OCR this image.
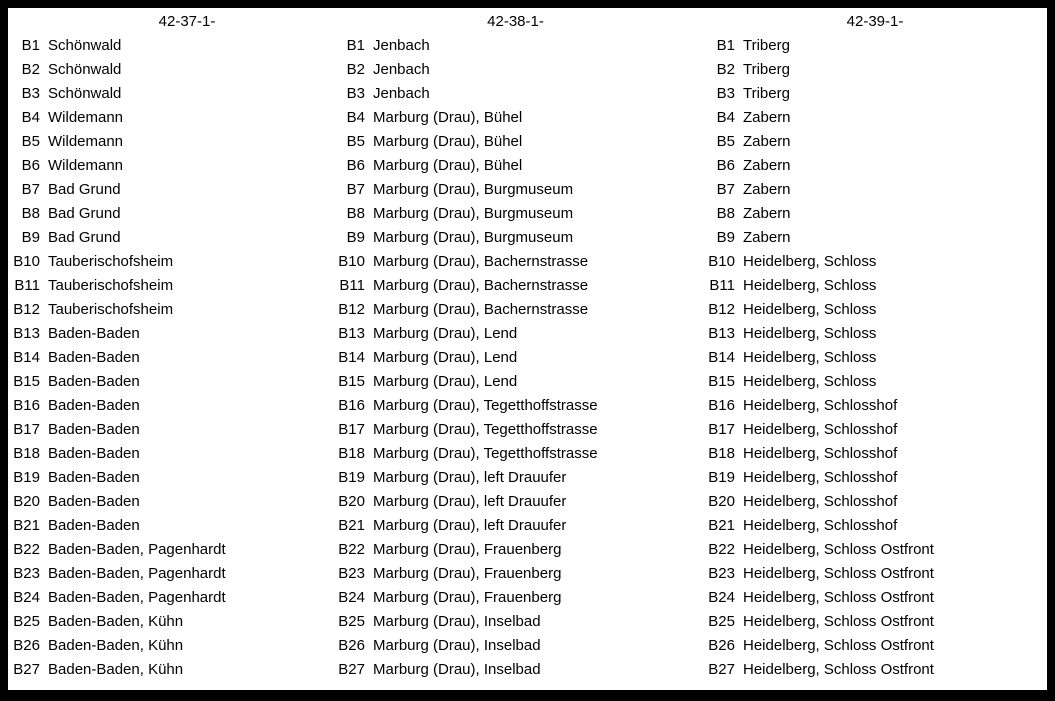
42-37-1-
B1 Schönwald
B2 Schönwald
B3 Schönwald
B4 Wildemann
B5 Wildemann
B6 Wildemann
B7 Bad Grund
B8 Bad Grund
B9 Bad Grund
B10 Tauberischofsheim
B11 Tauberischofsheim
B12 Tauberischofsheim
B13 Baden-Baden
B14 Baden-Baden
B15 Baden-Baden
B16 Baden-Baden
B17 Baden-Baden
B18 Baden-Baden
B19 Baden-Baden
B20 Baden-Baden
B21 Baden-Baden
B22 Baden-Baden, Pagenhardt
B23 Baden-Baden, Pagenhardt
B24 Baden-Baden, Pagenhardt
B25 Baden-Baden, Kühn
B26 Baden-Baden, Kühn
B27 Baden-Baden, Kühn
42-38-1-
B1 Jenbach
B2 Jenbach
B3 Jenbach
B4 Marburg (Drau), Bühel
B5 Marburg (Drau), Bühel
B6 Marburg (Drau), Bühel
B7 Marburg (Drau), Burgmuseum
B8 Marburg (Drau), Burgmuseum
B9 Marburg (Drau), Burgmuseum
B10 Marburg (Drau), Bachernstrasse
B11 Marburg (Drau), Bachernstrasse
B12 Marburg (Drau), Bachernstrasse
B13 Marburg (Drau), Lend
B14 Marburg (Drau), Lend
B15 Marburg (Drau), Lend
B16 Marburg (Drau), Tegetthoffstrasse
B17 Marburg (Drau), Tegetthoffstrasse
B18 Marburg (Drau), Tegetthoffstrasse
B19 Marburg (Drau), left Drauufer
B20 Marburg (Drau), left Drauufer
B21 Marburg (Drau), left Drauufer
B22 Marburg (Drau), Frauenberg
B23 Marburg (Drau), Frauenberg
B24 Marburg (Drau), Frauenberg
B25 Marburg (Drau), Inselbad
B26 Marburg (Drau), Inselbad
B27 Marburg (Drau), Inselbad
42-39-1-
B1 Triberg
B2 Triberg
B3 Triberg
B4 Zabern
B5 Zabern
B6 Zabern
B7 Zabern
B8 Zabern
B9 Zabern
B10 Heidelberg, Schloss
B11 Heidelberg, Schloss
B12 Heidelberg, Schloss
B13 Heidelberg, Schloss
B14 Heidelberg, Schloss
B15 Heidelberg, Schloss
B16 Heidelberg, Schlosshof
B17 Heidelberg, Schlosshof
B18 Heidelberg, Schlosshof
B19 Heidelberg, Schlosshof
B20 Heidelberg, Schlosshof
B21 Heidelberg, Schlosshof
B22 Heidelberg, Schloss Ostfront
B23 Heidelberg, Schloss Ostfront
B24 Heidelberg, Schloss Ostfront
B25 Heidelberg, Schloss Ostfront
B26 Heidelberg, Schloss Ostfront
B27 Heidelberg, Schloss Ostfront
